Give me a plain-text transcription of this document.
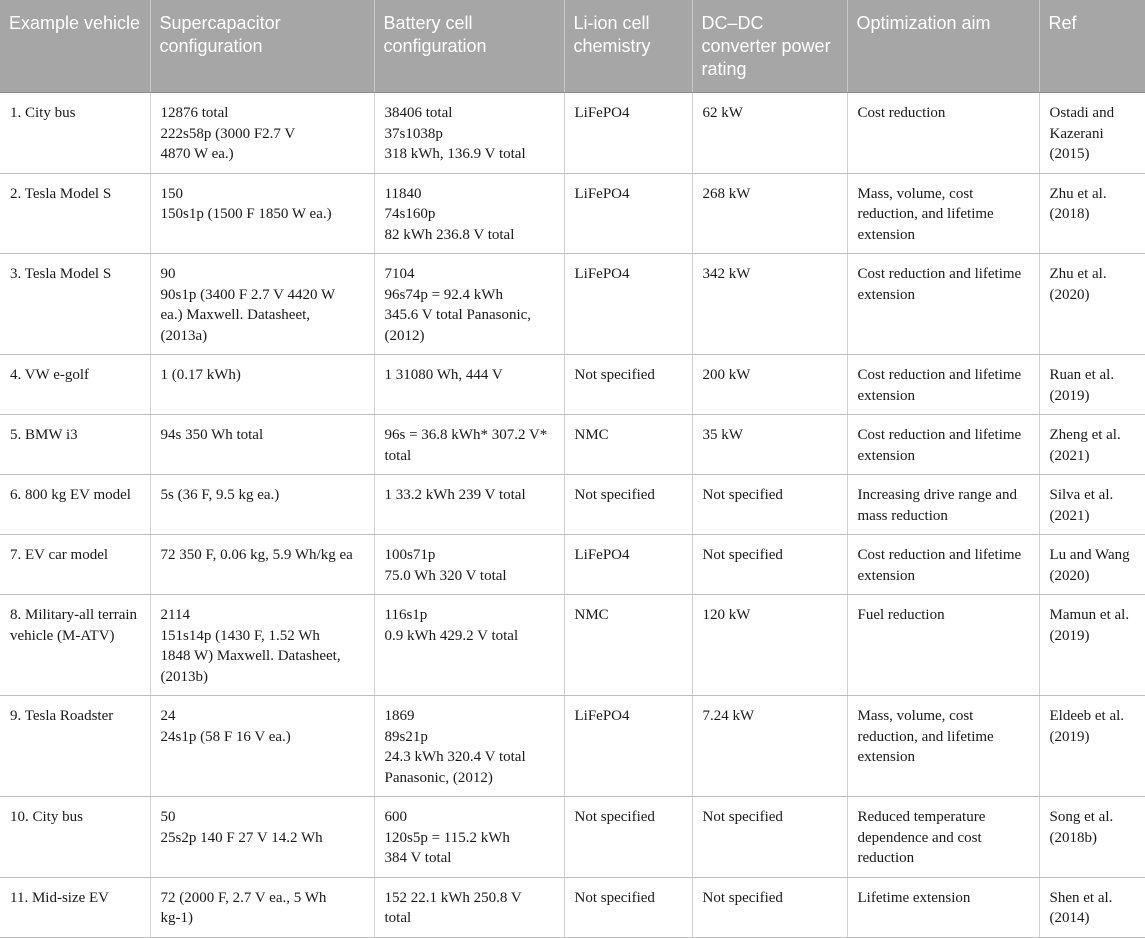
Example vehicle	Supercapacitor configuration	Battery cell configuration	Li-ion cell chemistry	DC–DC converter power rating	Optimization aim	Ref

1. City bus	12876 total
222s58p (3000 F2.7 V
4870 W ea.)	38406 total
37s1038p
318 kWh, 136.9 V total	LiFePO4	62 kW	Cost reduction	Ostadi and Kazerani (2015)

2. Tesla Model S	150
150s1p (1500 F 1850 W ea.)	11840
74s160p
82 kWh 236.8 V total	LiFePO4	268 kW	Mass, volume, cost reduction, and lifetime extension	Zhu et al. (2018)

3. Tesla Model S	90
90s1p (3400 F 2.7 V 4420 W
ea.) Maxwell. Datasheet,
(2013a)	7104
96s74p = 92.4 kWh
345.6 V total Panasonic,
(2012)	LiFePO4	342 kW	Cost reduction and lifetime extension	Zhu et al. (2020)

4. VW e-golf	1 (0.17 kWh)	1 31080 Wh, 444 V	Not specified	200 kW	Cost reduction and lifetime extension	Ruan et al. (2019)

5. BMW i3	94s 350 Wh total	96s = 36.8 kWh* 307.2 V*
total	NMC	35 kW	Cost reduction and lifetime extension	Zheng et al. (2021)

6. 800 kg EV model	5s (36 F, 9.5 kg ea.)	1 33.2 kWh 239 V total	Not specified	Not specified	Increasing drive range and mass reduction	Silva et al. (2021)

7. EV car model	72 350 F, 0.06 kg, 5.9 Wh/kg ea	100s71p
75.0 Wh 320 V total	LiFePO4	Not specified	Cost reduction and lifetime extension	Lu and Wang (2020)

8. Military-all terrain vehicle (M-ATV)	2114
151s14p (1430 F, 1.52 Wh
1848 W) Maxwell. Datasheet,
(2013b)	116s1p
0.9 kWh 429.2 V total	NMC	120 kW	Fuel reduction	Mamun et al. (2019)

9. Tesla Roadster	24
24s1p (58 F 16 V ea.)	1869
89s21p
24.3 kWh 320.4 V total
Panasonic, (2012)	LiFePO4	7.24 kW	Mass, volume, cost reduction, and lifetime extension	Eldeeb et al. (2019)

10. City bus	50
25s2p 140 F 27 V 14.2 Wh	600
120s5p = 115.2 kWh
384 V total	Not specified	Not specified	Reduced temperature dependence and cost reduction	Song et al. (2018b)

11. Mid-size EV	72 (2000 F, 2.7 V ea., 5 Wh
kg-1)	152 22.1 kWh 250.8 V
total	Not specified	Not specified	Lifetime extension	Shen et al. (2014)
